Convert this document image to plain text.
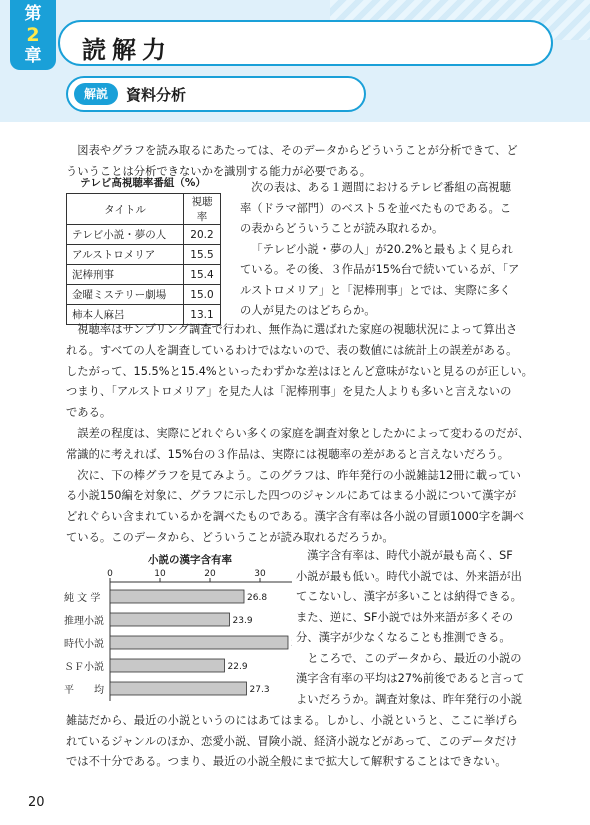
第
2
章	読解力
解説	資料分析
図表やグラフを読み取るにあたっては、そのデータからどういうことが分析できて、ど
ういうことは分析できないかを識別する能力が必要である。
テレビ高視聴率番組（%）
タイトル	視聴率
テレビ小説・夢の人	20.2
アルストロメリア	15.5
泥棒刑事	15.4
金曜ミステリー劇場	15.0
柿本人麻呂	13.1
次の表は、ある１週間におけるテレビ番組の高視聴
率（ドラマ部門）のベスト５を並べたものである。こ
の表からどういうことが読み取れるか。
「テレビ小説・夢の人」が20.2%と最もよく見られ
ている。その後、３作品が15%台で続いているが、「ア
ルストロメリア」と「泥棒刑事」とでは、実際に多く
の人が見たのはどちらか。
視聴率はサンプリング調査で行われ、無作為に選ばれた家庭の視聴状況によって算出さ
れる。すべての人を調査しているわけではないので、表の数値には統計上の誤差がある。
したがって、15.5%と15.4%といったわずかな差はほとんど意味がないと見るのが正しい。
つまり、「アルストロメリア」を見た人は「泥棒刑事」を見た人よりも多いと言えないの
である。
誤差の程度は、実際にどれぐらい多くの家庭を調査対象としたかによって変わるのだが、
常識的に考えれば、15%台の３作品は、実際には視聴率の差があると言えないだろう。
次に、下の棒グラフを見てみよう。このグラフは、昨年発行の小説雑誌12冊に載ってい
る小説150編を対象に、グラフに示した四つのジャンルにあてはまる小説について漢字が
どれぐらい含まれているかを調べたものである。漢字含有率は各小説の冒頭1000字を調べ
ている。このデータから、どういうことが読み取れるだろうか。
小説の漢字含有率
0	10	20	30
純 文 学	26.8
推理小説	23.9
時代小説
ＳＦ小説	22.9
平　　均	27.3
漢字含有率は、時代小説が最も高く、SF
小説が最も低い。時代小説では、外来語が出
てこないし、漢字が多いことは納得できる。
また、逆に、SF小説では外来語が多くその
分、漢字が少なくなることも推測できる。
ところで、このデータから、最近の小説の
漢字含有率の平均は27%前後であると言って
よいだろうか。調査対象は、昨年発行の小説
雑誌だから、最近の小説というのにはあてはまる。しかし、小説というと、ここに挙げら
れているジャンルのほか、恋愛小説、冒険小説、経済小説などがあって、このデータだけ
では不十分である。つまり、最近の小説全般にまで拡大して解釈することはできない。
20
